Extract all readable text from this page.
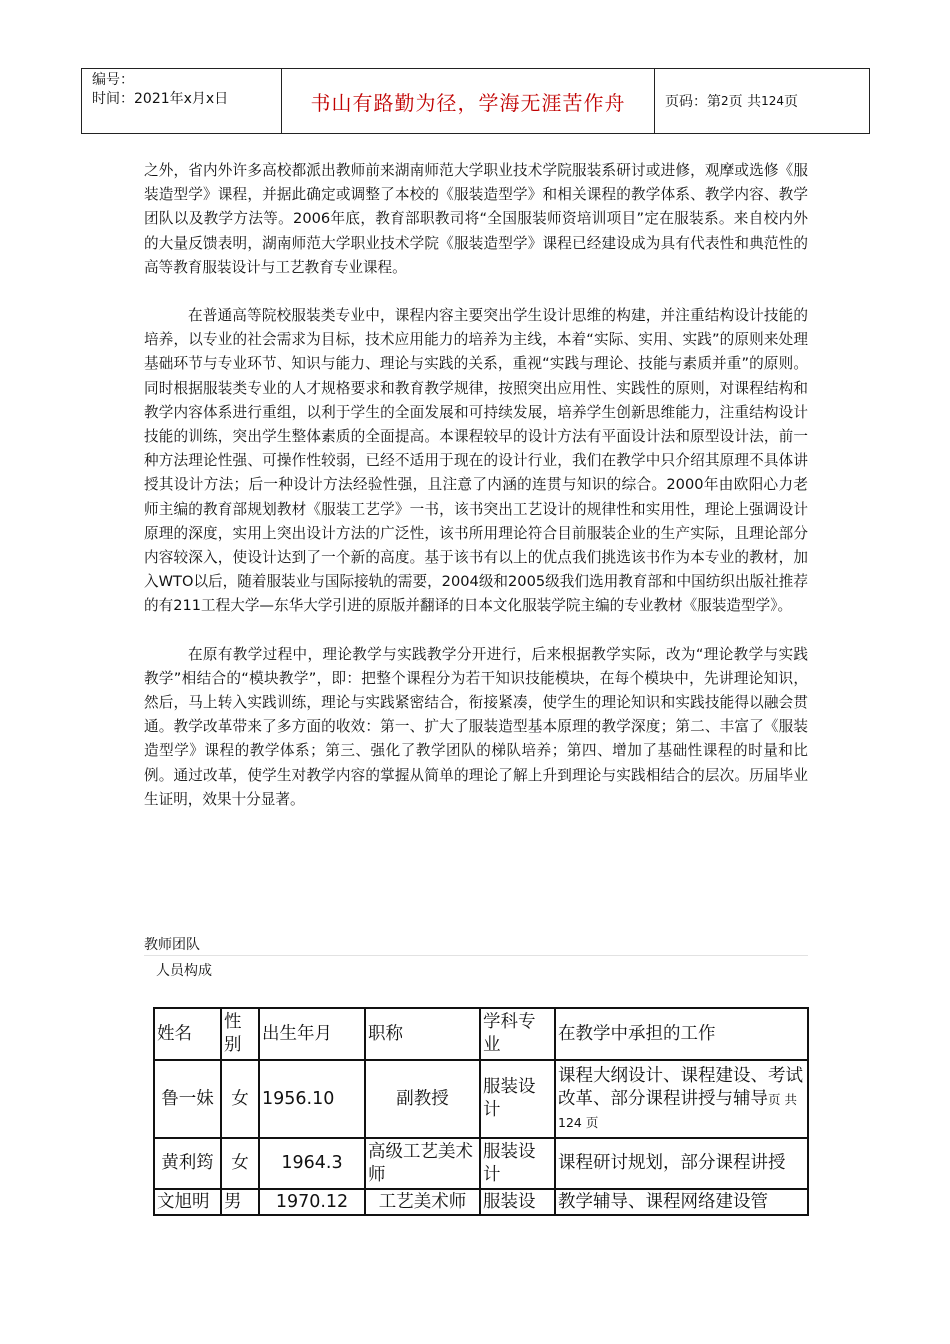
编号：
时间：2021年x月x日	书山有路勤为径，学海无涯苦作舟	页码：第 2 页 共 124 页

之外，省内外许多高校都派出教师前来湖南师范大学职业技术学院服装系研讨或进修，观摩或选修《服装造型学》课程，并据此确定或调整了本校的《服装造型学》和相关课程的教学体系、教学内容、教学团队以及教学方法等。2006年底，教育部职教司将“全国服装师资培训项目”定在服装系。来自校内外的大量反馈表明，湖南师范大学职业技术学院《服装造型学》课程已经建设成为具有代表性和典范性的高等教育服装设计与工艺教育专业课程。

在普通高等院校服装类专业中，课程内容主要突出学生设计思维的构建，并注重结构设计技能的培养，以专业的社会需求为目标，技术应用能力的培养为主线，本着“实际、实用、实践”的原则来处理基础环节与专业环节、知识与能力、理论与实践的关系，重视“实践与理论、技能与素质并重”的原则。同时根据服装类专业的人才规格要求和教育教学规律，按照突出应用性、实践性的原则，对课程结构和教学内容体系进行重组，以利于学生的全面发展和可持续发展，培养学生创新思维能力，注重结构设计技能的训练，突出学生整体素质的全面提高。本课程较早的设计方法有平面设计法和原型设计法，前一种方法理论性强、可操作性较弱，已经不适用于现在的设计行业，我们在教学中只介绍其原理不具体讲授其设计方法；后一种设计方法经验性强，且注意了内涵的连贯与知识的综合。2000年由欧阳心力老师主编的教育部规划教材《服装工艺学》一书，该书突出工艺设计的规律性和实用性，理论上强调设计原理的深度，实用上突出设计方法的广泛性，该书所用理论符合目前服装企业的生产实际，且理论部分内容较深入，使设计达到了一个新的高度。基于该书有以上的优点我们挑选该书作为本专业的教材，加入WTO以后，随着服装业与国际接轨的需要，2004级和2005级我们选用教育部和中国纺织出版社推荐的有211工程大学—东华大学引进的原版并翻译的日本文化服装学院主编的专业教材《服装造型学》。

在原有教学过程中，理论教学与实践教学分开进行，后来根据教学实际，改为“理论教学与实践教学”相结合的“模块教学”，即：把整个课程分为若干知识技能模块，在每个模块中，先讲理论知识，然后，马上转入实践训练，理论与实践紧密结合，衔接紧凑，使学生的理论知识和实践技能得以融会贯通。教学改革带来了多方面的收效：第一、扩大了服装造型基本原理的教学深度；第二、丰富了《服装造型学》课程的教学体系；第三、强化了教学团队的梯队培养；第四、增加了基础性课程的时量和比例。通过改革，使学生对教学内容的掌握从简单的理论了解上升到理论与实践相结合的层次。历届毕业生证明，效果十分显著。

教师团队
人员构成
姓名	性别	出生年月	职称	学科专业	在教学中承担的工作
鲁一妹	女	1956.10	副教授	服装设计	课程大纲设计、课程建设、考试改革、部分课程讲授与辅导页 共 124 页
黄利筠	女	1964.3	高级工艺美术师	服装设计	课程研讨规划，部分课程讲授

文旭明	男	1970.12	工艺美术师	服装设	教学辅导、课程网络建设管
